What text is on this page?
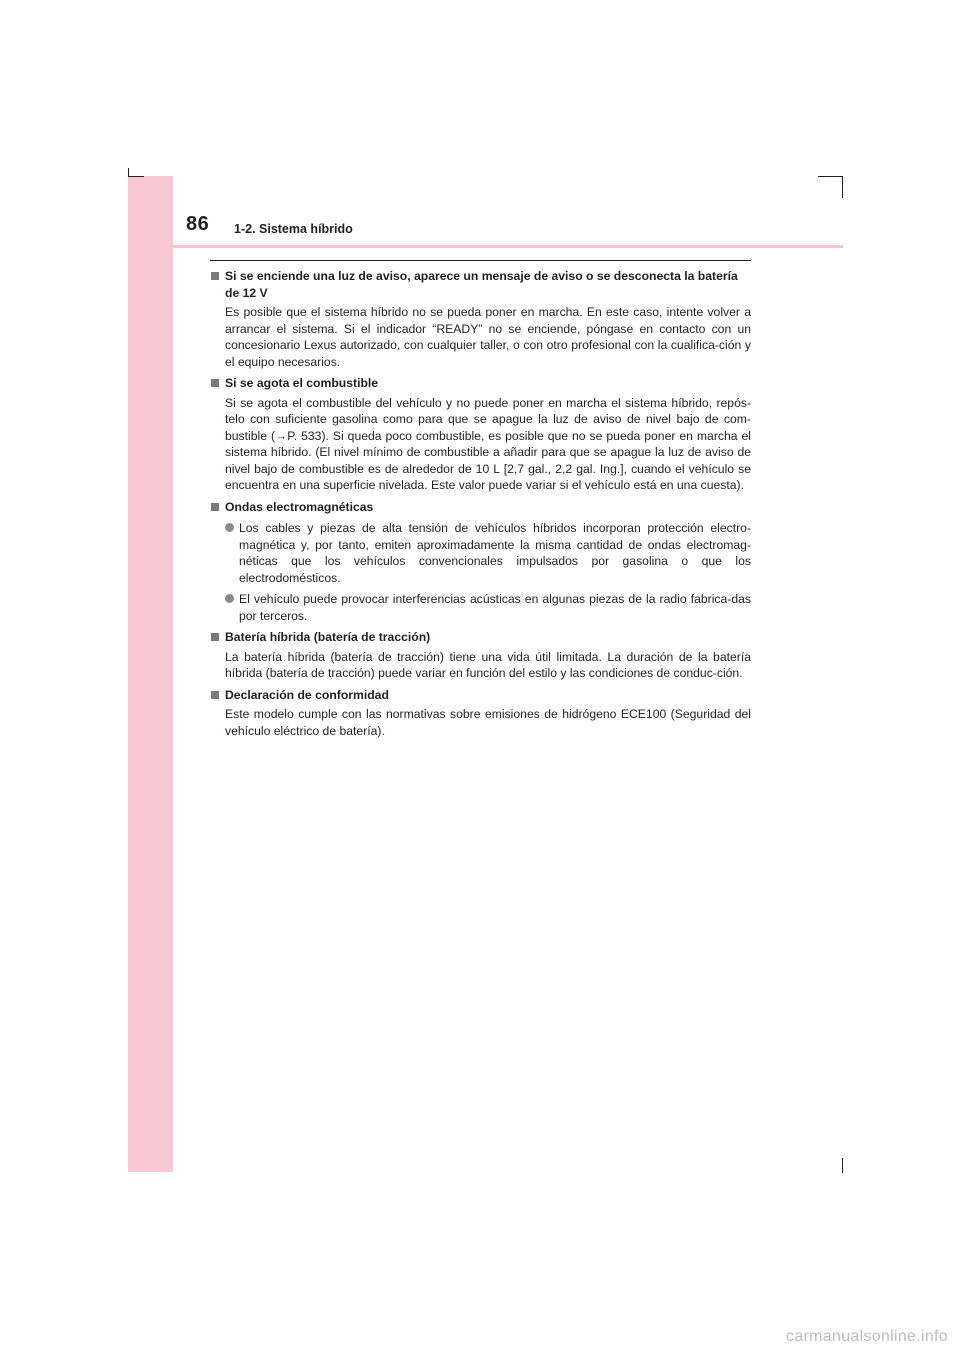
86 1-2. Sistema híbrido
Si se enciende una luz de aviso, aparece un mensaje de aviso o se desconecta la batería de 12 V
Es posible que el sistema híbrido no se pueda poner en marcha. En este caso, intente volver a arrancar el sistema. Si el indicador “READY” no se enciende, póngase en contacto con un concesionario Lexus autorizado, con cualquier taller, o con otro profesional con la cualifica-ción y el equipo necesarios.
Si se agota el combustible
Si se agota el combustible del vehículo y no puede poner en marcha el sistema híbrido, repós-telo con suficiente gasolina como para que se apague la luz de aviso de nivel bajo de com-bustible (→P. 533). Si queda poco combustible, es posible que no se pueda poner en marcha el sistema híbrido. (El nivel mínimo de combustible a añadir para que se apague la luz de aviso de nivel bajo de combustible es de alrededor de 10 L [2,7 gal., 2,2 gal. Ing.], cuando el vehículo se encuentra en una superficie nivelada. Este valor puede variar si el vehículo está en una cuesta).
Ondas electromagnéticas
Los cables y piezas de alta tensión de vehículos híbridos incorporan protección electro-magnética y, por tanto, emiten aproximadamente la misma cantidad de ondas electromag-néticas que los vehículos convencionales impulsados por gasolina o que los electrodomésticos.
El vehículo puede provocar interferencias acústicas en algunas piezas de la radio fabrica-das por terceros.
Batería híbrida (batería de tracción)
La batería híbrida (batería de tracción) tiene una vida útil limitada. La duración de la batería híbrida (batería de tracción) puede variar en función del estilo y las condiciones de conduc-ción.
Declaración de conformidad
Este modelo cumple con las normativas sobre emisiones de hidrógeno ECE100 (Seguridad del vehículo eléctrico de batería).
carmanualsonline.info
